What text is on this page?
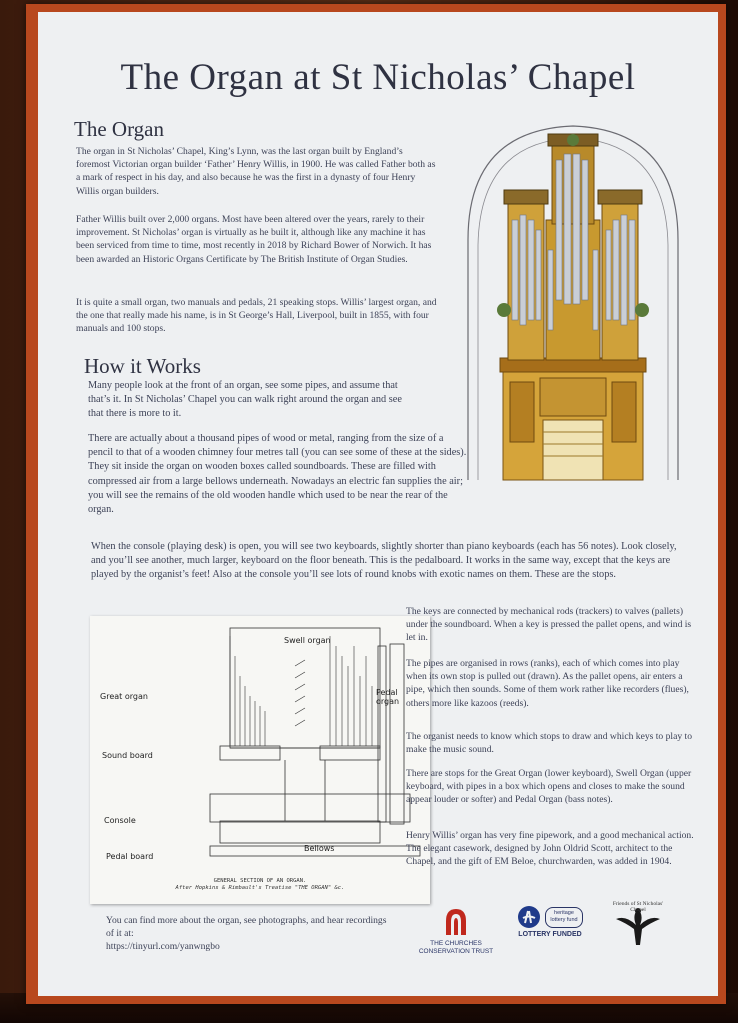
The Organ at St Nicholas’ Chapel
The Organ

The organ in St Nicholas’ Chapel, King’s Lynn, was the last organ built by England’s foremost Victorian organ builder ‘Father’ Henry Willis, in 1900. He was called Father both as a mark of respect in his day, and also because he was the first in a dynasty of four Henry Willis organ builders.

Father Willis built over 2,000 organs. Most have been altered over the years, rarely to their improvement. St Nicholas’ organ is virtually as he built it, although like any machine it has been serviced from time to time, most recently in 2018 by Richard Bower of Norwich. It has been awarded an Historic Organs Certificate by The British Institute of Organ Studies.

It is quite a small organ, two manuals and pedals, 21 speaking stops. Willis’ largest organ, and the one that really made his name, is in St George’s Hall, Liverpool, built in 1855, with four manuals and 100 stops.

How it Works

Many people look at the front of an organ, see some pipes, and assume that that’s it. In St Nicholas’ Chapel you can walk right around the organ and see that there is more to it.

There are actually about a thousand pipes of wood or metal, ranging from the size of a pencil to that of a wooden chimney four metres tall (you can see some of these at the sides). They sit inside the organ on wooden boxes called soundboards. These are filled with compressed air from a large bellows underneath. Nowadays an electric fan supplies the air; you will see the remains of the old wooden handle which used to be near the rear of the organ.

When the console (playing desk) is open, you will see two keyboards, slightly shorter than piano keyboards (each has 56 notes). Look closely, and you’ll see another, much larger, keyboard on the floor beneath. This is the pedalboard. It works in the same way, except that the keys are played by the organist’s feet! Also at the console you’ll see lots of round knobs with exotic names on them. These are the stops.

Swell organ
Great organ	Pedal organ
Sound board
Console
Pedal board
Bellows
GENERAL SECTION OF AN ORGAN.
After Hopkins & Rimbault's Treatise "THE ORGAN" &c.

The keys are connected by mechanical rods (trackers) to valves (pallets) under the soundboard. When a key is pressed the pallet opens, and wind is let in.

The pipes are organised in rows (ranks), each of which comes into play when its own stop is pulled out (drawn). As the pallet opens, air enters a pipe, which then sounds. Some of them work rather like recorders (flues), others more like kazoos (reeds).

The organist needs to know which stops to draw and which keys to play to make the music sound.

There are stops for the Great Organ (lower keyboard), Swell Organ (upper keyboard, with pipes in a box which opens and closes to make the sound appear louder or softer) and Pedal Organ (bass notes).

Henry Willis’ organ has very fine pipework, and a good mechanical action. The elegant casework, designed by John Oldrid Scott, architect to the Chapel, and the gift of EM Beloe, churchwarden, was added in 1904.

You can find more about the organ, see photographs, and hear recordings of it at:

https://tinyurl.com/yanwngbo	THE CHURCHES CONSERVATION TRUST
heritage lottery fund
LOTTERY FUNDED
Friends of St Nicholas' Chapel
